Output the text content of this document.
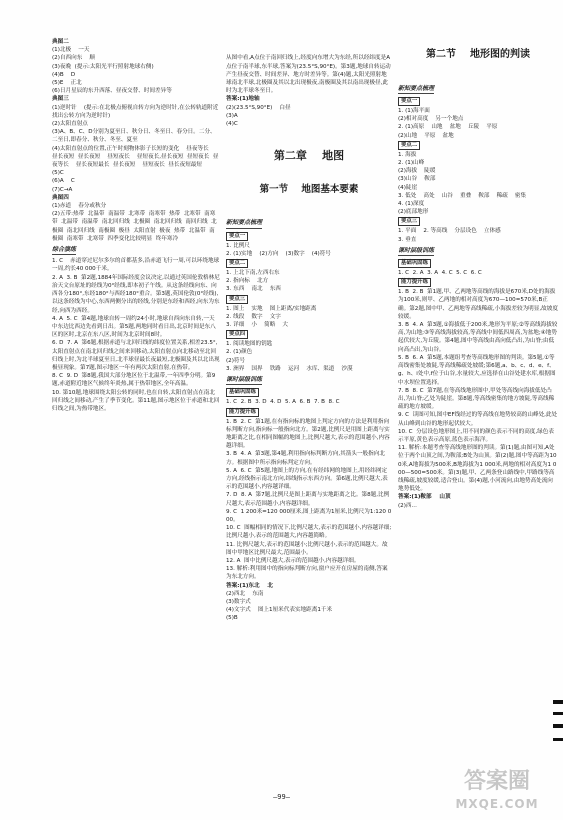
典图二
(1)北极    一天
(2)自西向东    顺
(3)夜晚  (提示:太阳光平行照射地球右侧)
(4)B    D
(5)E    正北
(6)日月星辰的东升西落、昼夜交替、时间差异等
典图三
(1)逆时针    (提示:在北极点俯视自转方向为逆时针,在公转轨道附近找出公转方向为逆时针)
(2)太阳直射点
(3)A、B、C、D分别为夏至日、秋分日、冬至日、春分日。二分、二至日,即春分、秋分、冬至、夏至
(4)太阳直射点的位置,正午时刻物体影子长短的变化    昼夜等长    昼长夜短  昼长夜短    昼短夜长    昼短夜长,昼长夜短  昼短夜长  昼夜等长    昼长夜短最长  昼长夜短    昼短夜长  昼长夜短最短
(5)C
(6)A    C
(7)C→A
典图四
(1)赤道    春分或秋分
(2)五带:热带  北温带  南温带  北寒带  南寒带  热带  北寒带  南寒带  北温带  南温带  南北回归线  北极圈  南北回归线  南回归线  北极圈  南北回归线  南极圈  极昼  太阳直射  极夜  热带  北温带  南极圈  南寒带  北寒带  四季变化比较明显  终年寒冷
综合演练

1. C    赤道穿过尼尔多尔的首都基多,沿赤道飞行一周,可以环绕地球一周,约长40 000千米。
2. A  3. B  第2题,1884年国际经度会议决定,以通过英国伦敦格林尼治天文台原址的经线为0°经线,即本初子午线。从这条经线向东、向西各分180°,东经180°与西经180°重合。第3题,英国伦敦(0°经线),以这条经线为中心,东西两侧分出的经线,分别是东经和西经,向东为东经,向西为西经。
4. A  5. C  第4题,地球自转一周约24小时,地球自西向东自转,一天中东边比西边先看到日出。第5题,两地同时看日出,北京时间是东八区的区时,北京在东八区,时间为北京时间8时。
6. D  7. A  第6题,根据赤道与北回归线的纬度位置关系,相差23.5°,太阳直射点在南北回归线之间来回移动,太阳直射点向北移动至北回归线上时,为北半球夏至日,北半球昼最长夜最短,北极圈及其以北出现极昼现象。第7题,图示地区一年有两次太阳直射,在热带。
8. C  9. D  第8题,我国大部分地区位于北温带,一年四季分明。第9题,赤道附近地区气候终年炎热,属于热带地区,全年高温。
10. 第10题,地球围绕太阳公转的同时,也在自转,太阳直射点在南北回归线之间移动,产生了季节变化。第11题,图示地区位于赤道和北回归线之间,为热带地区。

从图中看,A点位于南回归线上,经度向东增大为东经,所以经纬度是A点位于南半球,东半球,答案为(23.5°S,90°E)。第3题,地球自转运动产生昼夜交替、时间差异、地方时差异等。第(4)题,太阳光照射地球南北半球,北极圈及其以北出现极夜,南极圈及其以南出现极昼,此时为北半球冬至日。
答案:(1)地轴
(2)(23.5°S,90°E)    白昼
(3)A
(4)C

第二章    地图

第一节    地图基本要素

新知要点梳理
要点一

1. 比例尺
2. (1)实地    (2)方向    (3)数字    (4)符号
要点二

1. 上北下南,左西右东
2. 指向标    北方
3. 东西    南北    东西
要点三

1. 图上    实地    图上距离/实地距离
2. 线段    数字    文字
3. 详细    小    简略    大
要点四

1. 阅读地图的钥匙
2. (1)颜色
(2)符号
3. 洲界    国界    铁路    运河    水库、渠道    沙漠
课时层级训练
基础巩固练

1. C  2. B  3. D  4. D  5. A  6. B  7. B  8. C
能力提升练

1. B  2. C  第1题,在有指向标的地图上判定方向的方法是利用指向标判断方向,指向标一般指向北方。第2题,比例尺是用图上距离与实地距离之比,在相同图幅的地图上,比例尺越大,表示的范围越小,内容越详细。
3. B  4. A  第3题,第4题,利用指向标判断方向,其箭头一般指向北方。根据图中所示指向标判定方向。
5. A  6. C  第5题,地图上的方向,在有经纬网的地图上,用经纬网定方向,经线指示南北方向,纬线指示东西方向。第6题,比例尺越大,表示的范围越小,内容越详细。
7. D  8. A  第7题,比例尺是图上距离与实地距离之比。第8题,比例尺越大,表示范围越小,内容越详细。
9. C  1 200米=120 000厘米,图上距离为1厘米,比例尺为1:120 000。
10. C  图幅相同的情况下,比例尺越大,表示的范围越小,内容越详细;比例尺越小,表示的范围越大,内容越简略。
11. 比例尺越大,表示的范围越小;比例尺越小,表示的范围越大。故图中甲地区比例尺最大,范围最小。
12. A  图中比例尺越大,表示的范围越小,内容越详细。
13. 解析:利用图中的指向标判断方向,窗户应开在房屋的南侧,答案为东北方向。
答案:(1)东北    北
(2)西北    东南
(3)数字式
(4)文字式    图上1厘米代表实地距离1千米
(5)B

第二节    地形图的判读

新知要点梳理
要点一

1. (1)海平面
(2)相对高度    另一个地点
2. (1)高原    山地    盆地    丘陵    平原
(2)山地    平原    盆地
要点二

1. 海拔
2. (1)山峰
(2)海拔    陡缓
(3)山谷    鞍部
(4)陡崖
3. 低处    高处    山谷    重叠    鞍部    稀疏    密集
4. (1)深度
(2)底部地形
要点三

1. 平面    2. 等高线    分层设色    立体感
3. 垂直
课时层级训练
基础巩固练

1. C  2. A  3. A  4. C  5. C  6. C
能力提升练

1. B  2. B  第1题,甲、乙两地等高线的海拔是670米,D处的海拔为100米,则甲、乙两地的相对高度为670—100=570米,B正确。第2题,图中甲、乙两地等高线稀疏,小海拔差较为明显,故坡度较缓。
3. B  4. A  第3题,①海拔低于200米,地形为平原;②等高线海拔较高,为山地;③等高线海拔较高,等高线中间低四周高,为盆地;④地势起伏较大,为丘陵。第4题,图中等高线由高向低凸出,为山脊;由低向高凸出,为山谷。
5. B  6. A  第5题,本题组考查等高线地形图的判读。第5题,①等高线密集处坡陡,等高线稀疏处坡缓;第6题,a、b、c、d、e、f、g、h、i处中,f位于山谷,水量较大,应选择在山谷处建水库,根据图中水坝位置选择。
7. B  8. C  第7题,在等高线地形图中,甲处等高线向海拔低处凸出,为山脊;乙处为陡崖。第8题,等高线密集的地方坡陡,等高线稀疏的地方坡缓。
9. C  读图可知,图中EF线经过的等高线在地势较高的山峰处,此处从山峰到山谷的地形起伏较大。
10. C  分层设色地形图上,用不同的颜色表示不同的高度,绿色表示平原,黄色表示高原,蓝色表示海洋。
11. 解析:本题考查等高线地形图的判读。第(1)题,由图可知,A处位于两个山顶之间,为鞍部;B处为山顶。第(2)题,图中等高距为100米,A地海拔为500米,B地海拔为1 000米,两地的相对高度为1 000—500=500米。第(3)题,甲、乙两条登山路线中,甲路线等高线稀疏,坡度较缓,适合登山。第(4)题,小河流向,由地势高处流向地势低处。
答案:(1)鞍部    山顶
(2)西...

—99—
答案圈
MXQE.COM
